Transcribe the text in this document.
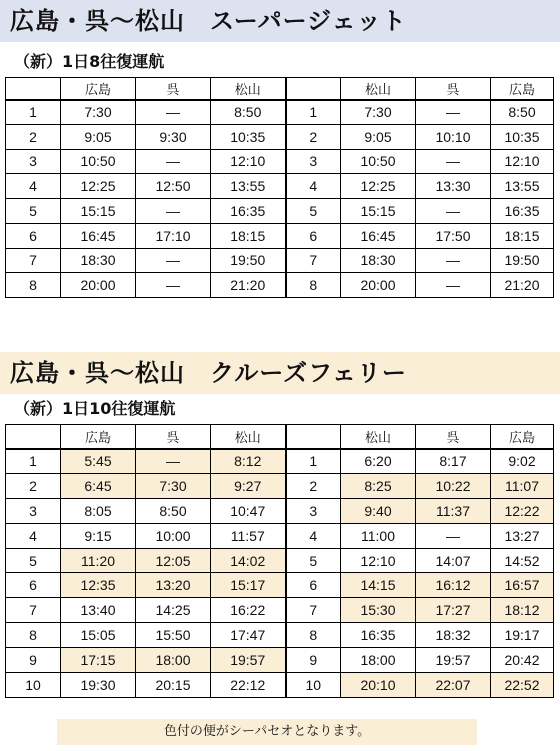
広島・呉〜松山　スーパージェット
（新）1日8往復運航
	広島	呉	松山		松山	呉	広島
1	7:30	—	8:50	1	7:30	—	8:50
2	9:05	9:30	10:35	2	9:05	10:10	10:35
3	10:50	—	12:10	3	10:50	—	12:10
4	12:25	12:50	13:55	4	12:25	13:30	13:55
5	15:15	—	16:35	5	15:15	—	16:35
6	16:45	17:10	18:15	6	16:45	17:50	18:15
7	18:30	—	19:50	7	18:30	—	19:50
8	20:00	—	21:20	8	20:00	—	21:20
広島・呉〜松山　クルーズフェリー
（新）1日10往復運航
	広島	呉	松山		松山	呉	広島
1	5:45	—	8:12	1	6:20	8:17	9:02
2	6:45	7:30	9:27	2	8:25	10:22	11:07
3	8:05	8:50	10:47	3	9:40	11:37	12:22
4	9:15	10:00	11:57	4	11:00	—	13:27
5	11:20	12:05	14:02	5	12:10	14:07	14:52
6	12:35	13:20	15:17	6	14:15	16:12	16:57
7	13:40	14:25	16:22	7	15:30	17:27	18:12
8	15:05	15:50	17:47	8	16:35	18:32	19:17
9	17:15	18:00	19:57	9	18:00	19:57	20:42
10	19:30	20:15	22:12	10	20:10	22:07	22:52
色付の便がシーパセオとなります。
